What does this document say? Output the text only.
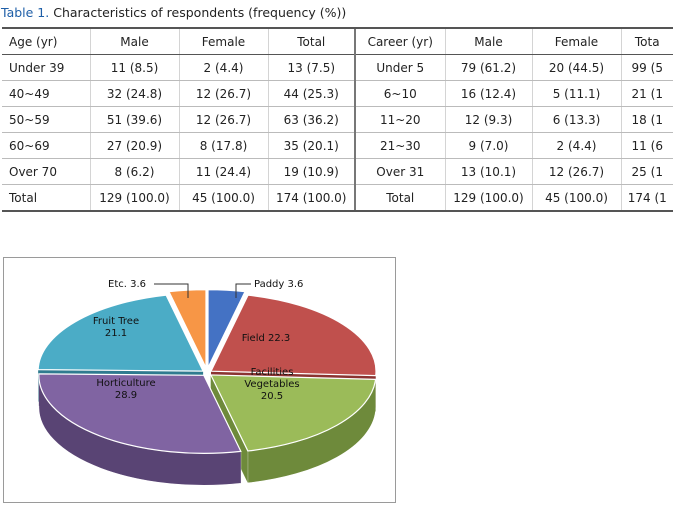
Table 1. Characteristics of respondents (frequency (%))
Age (yr)	Male	Female	Total	Career (yr)	Male	Female	Tota
Under 39	11 (8.5)	2 (4.4)	13 (7.5)	Under 5	79 (61.2)	20 (44.5)	99 (5
40~49	32 (24.8)	12 (26.7)	44 (25.3)	6~10	16 (12.4)	5 (11.1)	21 (1
50~59	51 (39.6)	12 (26.7)	63 (36.2)	11~20	12 (9.3)	6 (13.3)	18 (1
60~69	27 (20.9)	8 (17.8)	35 (20.1)	21~30	9 (7.0)	2 (4.4)	11 (6
Over 70	8 (6.2)	11 (24.4)	19 (10.9)	Over 31	13 (10.1)	12 (26.7)	25 (1
Total	129 (100.0)	45 (100.0)	174 (100.0)	Total	129 (100.0)	45 (100.0)	174 (1
Paddy 3.6
Field 22.3
Facilities Vegetables 20.5
Horticulture 28.9
Fruit Tree 21.1
Etc. 3.6
